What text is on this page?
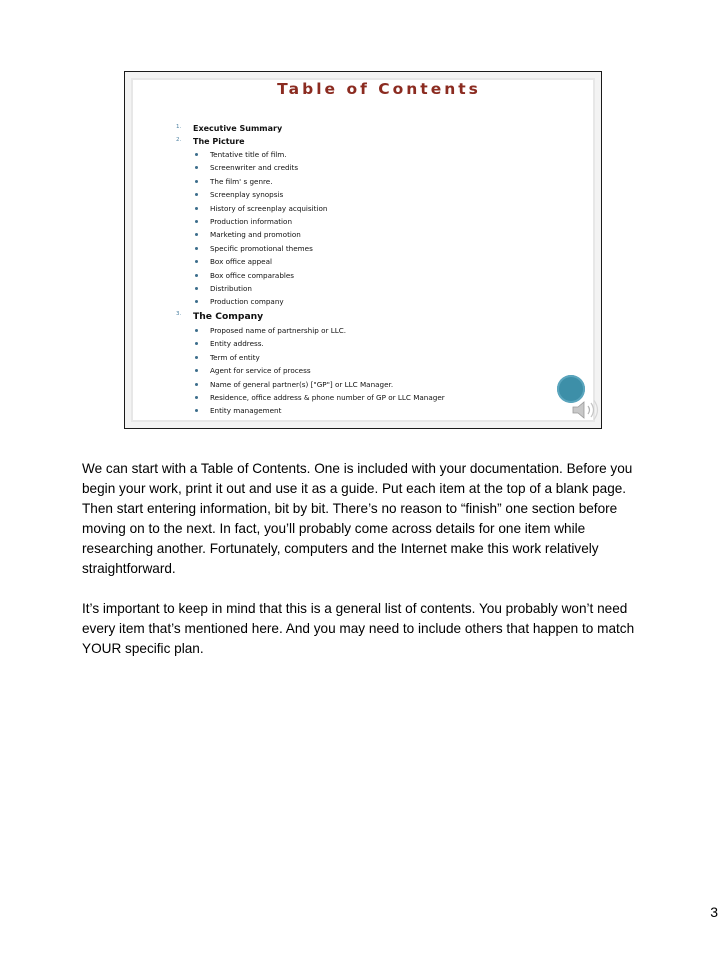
Table of Contents
1. Executive Summary
2. The Picture
Tentative title of film.
Screenwriter and credits
The film' s genre.
Screenplay synopsis
History of screenplay acquisition
Production information
Marketing and promotion
Specific promotional themes
Box office appeal
Box office comparables
Distribution
Production company
3. The Company
Proposed name of partnership or LLC.
Entity address.
Term of entity
Agent for service of process
Name of general partner(s) ["GP"] or LLC Manager.
Residence, office address & phone number of GP or LLC Manager
Entity management

We can start with a Table of Contents. One is included with your documentation. Before you begin your work, print it out and use it as a guide. Put each item at the top of a blank page. Then start entering information, bit by bit. There’s no reason to “finish” one section before moving on to the next. In fact, you’ll probably come across details for one item while researching another. Fortunately, computers and the Internet make this work relatively straightforward.

It’s important to keep in mind that this is a general list of contents. You probably won’t need every item that’s mentioned here. And you may need to include others that happen to match YOUR specific plan.

3
